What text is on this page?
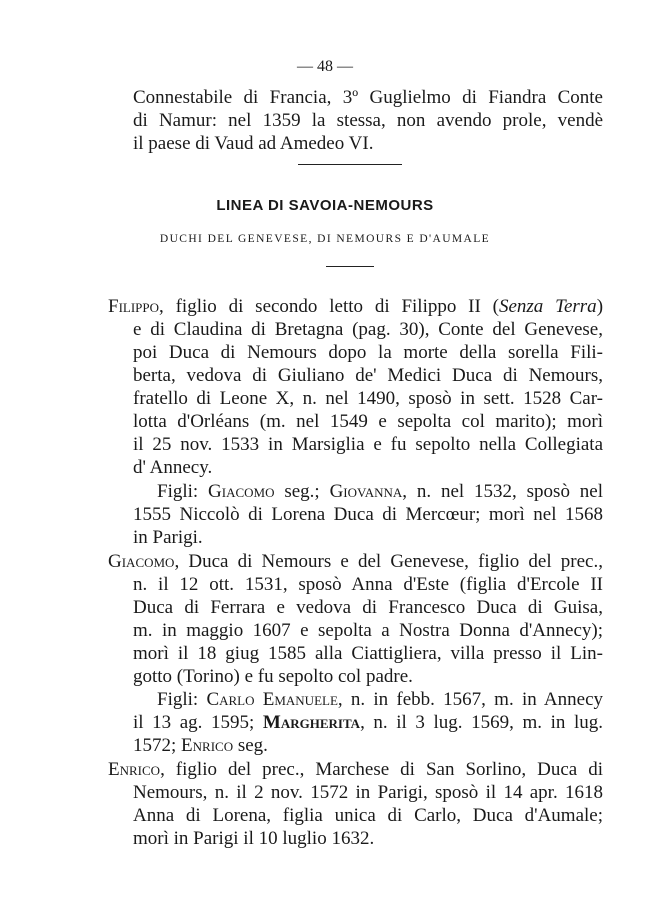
— 48 —
Connestabile di Francia, 3º Guglielmo di Fiandra Conte
di Namur: nel 1359 la stessa, non avendo prole, vendè
il paese di Vaud ad Amedeo VI.
LINEA DI SAVOIA-NEMOURS
DUCHI DEL GENEVESE, DI NEMOURS E D'AUMALE
Filippo, figlio di secondo letto di Filippo II (Senza Terra)
e di Claudina di Bretagna (pag. 30), Conte del Genevese,
poi Duca di Nemours dopo la morte della sorella Fili-
berta, vedova di Giuliano de' Medici Duca di Nemours,
fratello di Leone X, n. nel 1490, sposò in sett. 1528 Car-
lotta d'Orléans (m. nel 1549 e sepolta col marito); morì
il 25 nov. 1533 in Marsiglia e fu sepolto nella Collegiata
d' Annecy.
Figli: Giacomo seg.; Giovanna, n. nel 1532, sposò nel
1555 Niccolò di Lorena Duca di Mercœur; morì nel 1568
in Parigi.
Giacomo, Duca di Nemours e del Genevese, figlio del prec.,
n. il 12 ott. 1531, sposò Anna d'Este (figlia d'Ercole II
Duca di Ferrara e vedova di Francesco Duca di Guisa,
m. in maggio 1607 e sepolta a Nostra Donna d'Annecy);
morì il 18 giug 1585 alla Ciattigliera, villa presso il Lin-
gotto (Torino) e fu sepolto col padre.
Figli: Carlo Emanuele, n. in febb. 1567, m. in Annecy
il 13 ag. 1595; Margherita, n. il 3 lug. 1569, m. in lug.
1572; Enrico seg.
Enrico, figlio del prec., Marchese di San Sorlino, Duca di
Nemours, n. il 2 nov. 1572 in Parigi, sposò il 14 apr. 1618
Anna di Lorena, figlia unica di Carlo, Duca d'Aumale;
morì in Parigi il 10 luglio 1632.
